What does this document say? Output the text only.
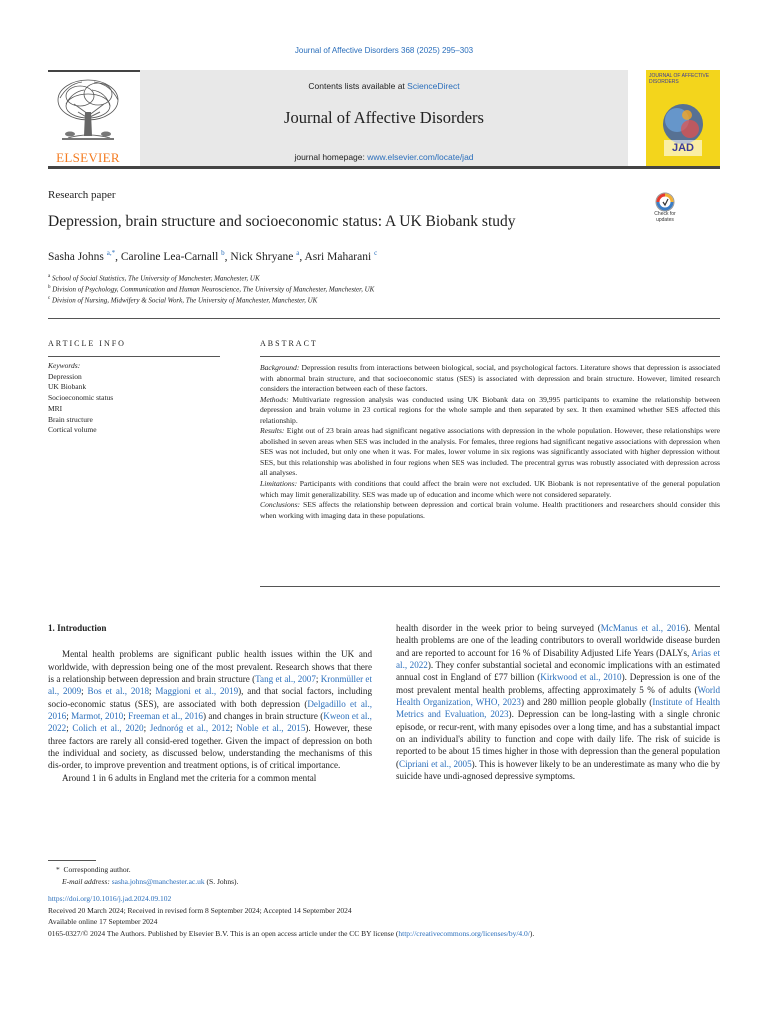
Journal of Affective Disorders 368 (2025) 295–303
Contents lists available at ScienceDirect
Journal of Affective Disorders
journal homepage: www.elsevier.com/locate/jad
ELSEVIER
JOURNAL OF AFFECTIVE DISORDERS
JAD
Research paper
Depression, brain structure and socioeconomic status: A UK Biobank study	Check for updates
Sasha Johns $^{a,*}$, Caroline Lea-Carnall $^b$, Nick Shryane $^a$, Asri Maharani $^c$
$^a$ School of Social Statistics, The University of Manchester, Manchester, UK
$^b$ Division of Psychology, Communication and Human Neuroscience, The University of Manchester, Manchester, UK
$^c$ Division of Nursing, Midwifery & Social Work, The University of Manchester, Manchester, UK
ARTICLE INFO
Keywords:
Depression
UK Biobank
Socioeconomic status
MRI
Brain structure
Cortical volume
ABSTRACT
Background: Depression results from interactions between biological, social, and psychological factors. Literature shows that depression is associated with abnormal brain structure, and that socioeconomic status (SES) is associated with depression and brain structure. However, limited research considers the interaction between each of these factors.
Methods: Multivariate regression analysis was conducted using UK Biobank data on 39,995 participants to examine the relationship between depression and brain volume in 23 cortical regions for the whole sample and then separated by sex. It then examined whether SES affected this relationship.
Results: Eight out of 23 brain areas had significant negative associations with depression in the whole population. However, these relationships were abolished in seven areas when SES was included in the analysis. For females, three regions had significant negative associations with depression when SES was not included, but only one when it was. For males, lower volume in six regions was significantly associated with higher depression without SES, but this relationship was abolished in four regions when SES was included. The precentral gyrus was robustly associated with depression across all analyses.
Limitations: Participants with conditions that could affect the brain were not excluded. UK Biobank is not representative of the general population which may limit generalizability. SES was made up of education and income which were not considered separately.
Conclusions: SES affects the relationship between depression and cortical brain volume. Health practitioners and researchers should consider this when working with imaging data in these populations.
1. Introduction
Mental health problems are significant public health issues within the UK and worldwide, with depression being one of the most prevalent. Research shows that there is a relationship between depression and brain structure (Tang et al., 2007; Kronmüller et al., 2009; Bos et al., 2018; Maggioni et al., 2019), and that social factors, including socio-economic status (SES), are associated with both depression (Delgadillo et al., 2016; Marmot, 2010; Freeman et al., 2016) and changes in brain structure (Kweon et al., 2022; Colich et al., 2020; Jednoróg et al., 2012; Noble et al., 2015). However, these three factors are rarely all consid-ered together. Given the impact of depression on both the individual and society, as discussed below, understanding the mechanisms of this dis-order, to improve prevention and treatment options, is of critical importance.
Around 1 in 6 adults in England met the criteria for a common mental
health disorder in the week prior to being surveyed (McManus et al., 2016). Mental health problems are one of the leading contributors to overall worldwide disease burden and are reported to account for 16 % of Disability Adjusted Life Years (DALYs, Arias et al., 2022). They confer substantial societal and economic implications with an estimated annual cost in England of £77 billion (Kirkwood et al., 2010). Depression is one of the most prevalent mental health problems, affecting approximately 5 % of adults (World Health Organization, WHO, 2023) and 280 million people globally (Institute of Health Metrics and Evaluation, 2023). Depression can be long-lasting with a single chronic episode, or recur-rent, with many episodes over a long time, and has a substantial impact on an individual's ability to function and cope with daily life. The risk of suicide is reported to be about 15 times higher in those with depression than the general population (Cipriani et al., 2005). This is however likely to be an underestimate as many who die by suicide have undi-agnosed depressive symptoms.
*  Corresponding author.
E-mail address: sasha.johns@manchester.ac.uk (S. Johns).
https://doi.org/10.1016/j.jad.2024.09.102
Received 20 March 2024; Received in revised form 8 September 2024; Accepted 14 September 2024
Available online 17 September 2024
0165-0327/© 2024 The Authors. Published by Elsevier B.V. This is an open access article under the CC BY license (http://creativecommons.org/licenses/by/4.0/).
